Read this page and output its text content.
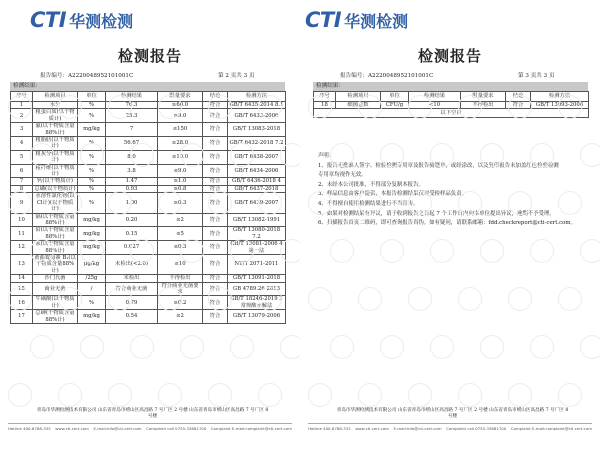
CTI 华测检测
检测报告
报告编号：A2220048952101001C	第 2 页共 3 页
检测结果：
序号	检测项目	单位	检测结果	限量要求	结论	检测方法
1	水分	%	76.3	≥60.0	符合	GB/T 6435-2014 8.1
2	粗蛋白质(以干物质计)	%	25.3	≥9.0	符合	GB/T 6433-2006
3	氟(以干物质含量88%计)	mg/kg	7	≤150	符合	GB/T 13083-2018
4	粗脂肪(以干物质计)	%	56.67	≥28.0	符合	GB/T 6432-2018 7.2
5	粗灰分(以干物质计)	%	8.0	≤10.0	符合	GB/T 6438-2007
6	粗纤维(以干物质计)	%	3.8	≤9.0	符合	GB/T 6434-2006
7	钙(以干物质计)	%	1.47	≥1.0	符合	GB/T 6436-2018 4
8	总磷(以干物质计)	%	0.93	≥0.8	符合	GB/T 6437-2018
9	水溶性氯化物(以Cl计)(以干物质计)	%	1.00	≥0.3	符合	GB/T 6439-2007
10	镉(以干物质含量88%计)	mg/kg	0.20	≤2	符合	GB/T 13082-1991
11	铅(以干物质含量88%计)	mg/kg	0.15	≤5	符合	GB/T 13080-2018 7.2
12	汞(以干物质含量88%计)	mg/kg	0.027	≤0.3	符合	GB/T 13081-2006 4 第一法
13	黄曲霉毒素 B₁(以干物质含量88%计)	μg/kg	未检出(<2.0)	≤10	符合	NY/T 2071-2011
14	沙门氏菌	/25g	未检出	不得检出	符合	GB/T 13091-2018
15	商业无菌	/	符合商业无菌	符合商业无菌要求	符合	GB 4789.26-2013
16	牛磺酸(以干物质计)	%	0.79	≥0.2	符合	GB/T 18246-2019 3 常规酸水解法
17	总砷(干物质含量88%计)	mg/kg	0.54	≤2	符合	GB/T 13079-2006
青岛市华测检测技术有限公司 山东省青岛市崂山区高昌路 7 号厂区 2 号楼 山东省青岛市崂山区高昌路 7 号厂区 8 号楼
Hotline 400-6788-333 www.cti-cert.com E-mail:info@cti-cert.com Complaint call 0755-33681700 Complaint E-mail:complaint@cti-cert.com
CTI 华测检测
检测报告
报告编号：A2220048952101001C	第 3 页共 3 页
检测结果：
序号	检测项目	单位	检测结果	限量要求	结论	检测方法
18	细菌总数	CFU/g	<10	不得检出	符合	GB/T 13093-2006
以下空白						
声明：
1、报告无批准人签字、检验检测专用章及报告骑缝章，或经涂改，以及复印报告未加盖红色检验检测
专用章均视作无效。
2、未经本公司批准，不得部分复制本报告。
3、样品信息由客户提供，本报告检测结果仅对受检样品负责。
4、不得擅自使用检测结果进行不当宣传。
5、如果对检测结果有异议，请于收到报告之日起 7 个工作日内向本单位提出异议，逾期不予受理。
6、扫描报告首页二维码，即可查询报告真伪。如有疑问，请联系邮箱：fdd.checkreport@cti-cert.com。
青岛市华测检测技术有限公司 山东省青岛市崂山区高昌路 7 号厂区 2 号楼 山东省青岛市崂山区高昌路 7 号厂区 8 号楼
Hotline 400-6788-333 www.cti-cert.com E-mail:info@cti-cert.com Complaint call 0755-33681700 Complaint E-mail:complaint@cti-cert.com
